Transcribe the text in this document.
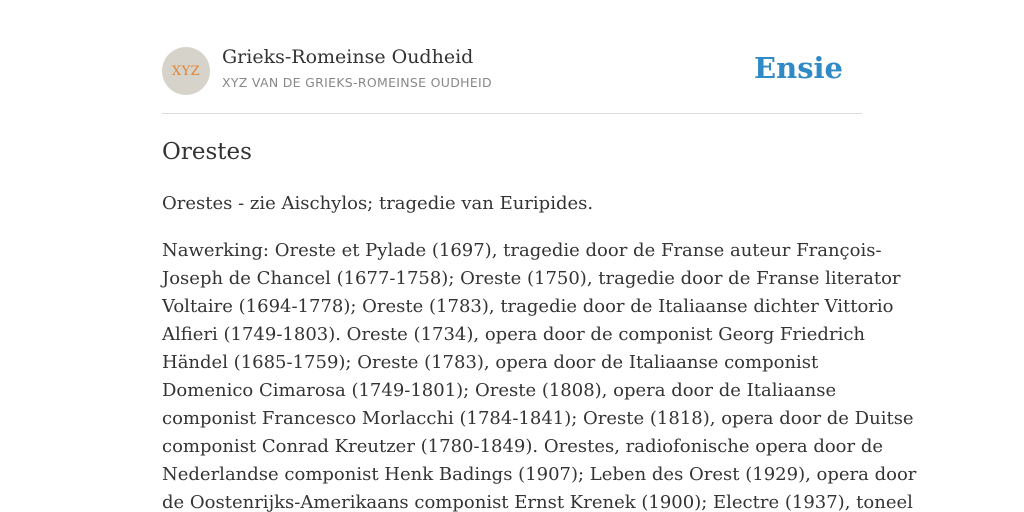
XYZ
Grieks-Romeinse Oudheid
XYZ VAN DE GRIEKS-ROMEINSE OUDHEID	Ensie
Orestes

Orestes - zie Aischylos; tragedie van Euripides.

Nawerking: Oreste et Pylade (1697), tragedie door de Franse auteur François-

Joseph de Chancel (1677-1758); Oreste (1750), tragedie door de Franse literator

Voltaire (1694-1778); Oreste (1783), tragedie door de Italiaanse dichter Vittorio

Alfieri (1749-1803). Oreste (1734), opera door de componist Georg Friedrich

Händel (1685-1759); Oreste (1783), opera door de Italiaanse componist

Domenico Cimarosa (1749-1801); Oreste (1808), opera door de Italiaanse

componist Francesco Morlacchi (1784-1841); Oreste (1818), opera door de Duitse

componist Conrad Kreutzer (1780-1849). Orestes, radiofonische opera door de

Nederlandse componist Henk Badings (1907); Leben des Orest (1929), opera door

de Oostenrijks-Amerikaans componist Ernst Krenek (1900); Electre (1937), toneel
